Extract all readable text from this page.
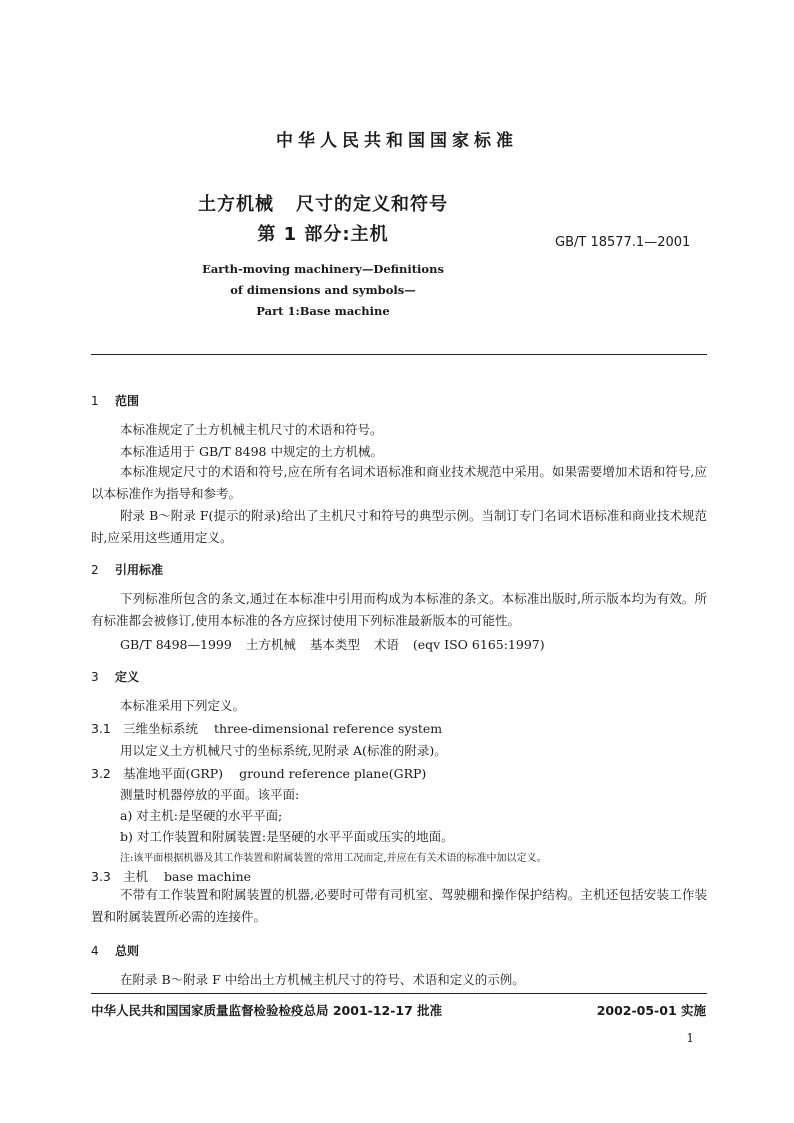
中华人民共和国国家标准
土方机械 尺寸的定义和符号
第 1 部分:主机	GB/T 18577.1—2001
Earth-moving machinery—Definitions
of dimensions and symbols—
Part 1:Base machine
1 范围
本标准规定了土方机械主机尺寸的术语和符号。
本标准适用于 GB/T 8498 中规定的土方机械。
本标准规定尺寸的术语和符号,应在所有名词术语标准和商业技术规范中采用。如果需要增加术语和符号,应以本标准作为指导和参考。
附录 B～附录 F(提示的附录)给出了主机尺寸和符号的典型示例。当制订专门名词术语标准和商业技术规范时,应采用这些通用定义。
2 引用标准
下列标准所包含的条文,通过在本标准中引用而构成为本标准的条文。本标准出版时,所示版本均为有效。所有标准都会被修订,使用本标准的各方应探讨使用下列标准最新版本的可能性。
GB/T 8498—1999 土方机械 基本类型 术语 (eqv ISO 6165:1997)
3 定义
本标准采用下列定义。
3.1 三维坐标系统 three-dimensional reference system
用以定义土方机械尺寸的坐标系统,见附录 A(标准的附录)。
3.2 基准地平面(GRP) ground reference plane(GRP)
测量时机器停放的平面。该平面:
a) 对主机:是坚硬的水平平面;
b) 对工作装置和附属装置:是坚硬的水平平面或压实的地面。
注:该平面根据机器及其工作装置和附属装置的常用工况而定,并应在有关术语的标准中加以定义。
3.3 主机 base machine
不带有工作装置和附属装置的机器,必要时可带有司机室、驾驶棚和操作保护结构。主机还包括安装工作装置和附属装置所必需的连接件。
4 总则
在附录 B～附录 F 中给出土方机械主机尺寸的符号、术语和定义的示例。
中华人民共和国国家质量监督检验检疫总局 2001-12-17 批准	2002-05-01 实施
1
